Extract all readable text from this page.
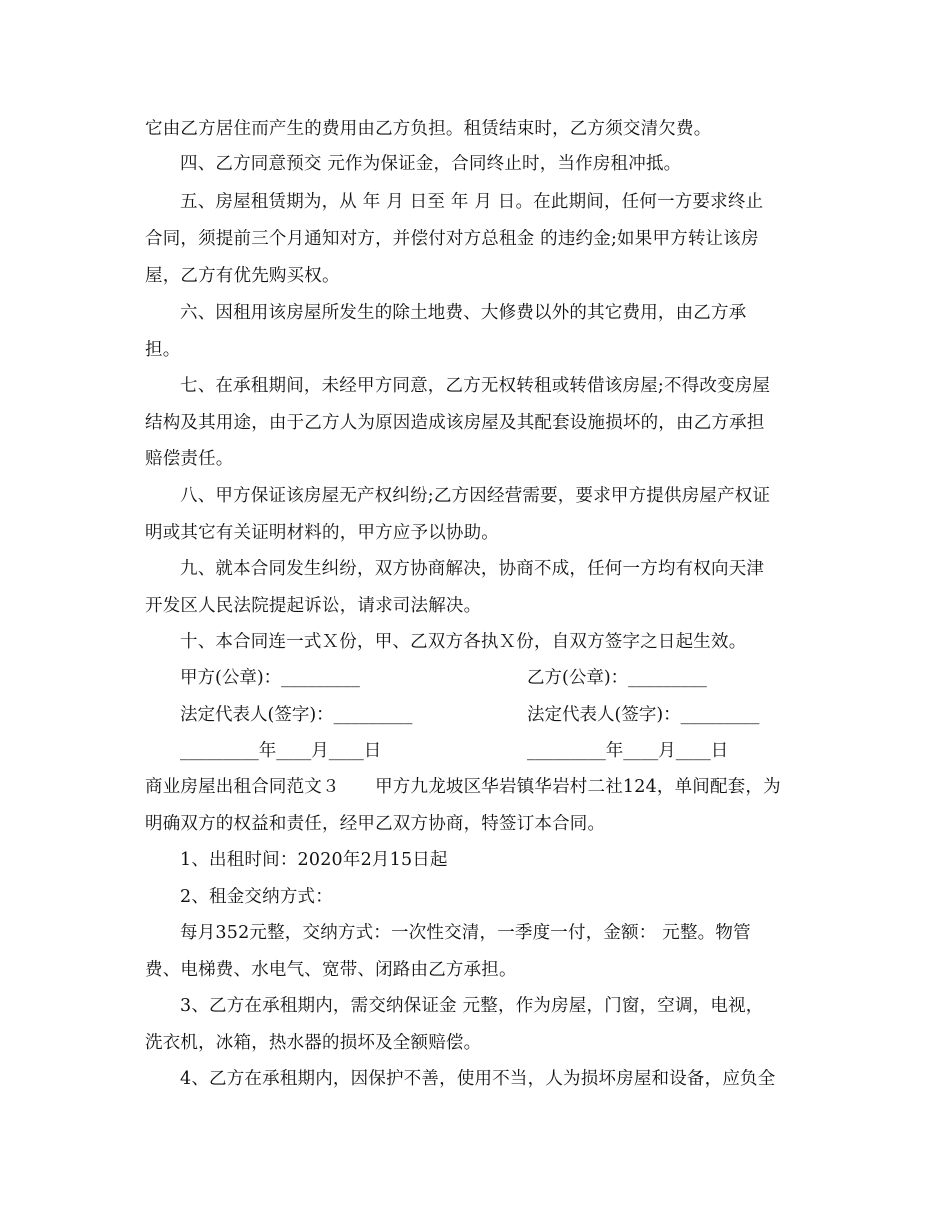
它由乙方居住而产生的费用由乙方负担。租赁结束时，乙方须交清欠费。
四、乙方同意预交 元作为保证金，合同终止时，当作房租冲抵。
五、房屋租赁期为，从 年 月 日至 年 月 日。在此期间，任何一方要求终止
合同，须提前三个月通知对方，并偿付对方总租金 的违约金;如果甲方转让该房
屋，乙方有优先购买权。
六、因租用该房屋所发生的除土地费、大修费以外的其它费用，由乙方承
担。
七、在承租期间，未经甲方同意，乙方无权转租或转借该房屋;不得改变房屋
结构及其用途，由于乙方人为原因造成该房屋及其配套设施损坏的，由乙方承担
赔偿责任。
八、甲方保证该房屋无产权纠纷;乙方因经营需要，要求甲方提供房屋产权证
明或其它有关证明材料的，甲方应予以协助。
九、就本合同发生纠纷，双方协商解决，协商不成，任何一方均有权向天津
开发区人民法院提起诉讼，请求司法解决。
十、本合同连一式Ｘ份，甲、乙双方各执Ｘ份，自双方签字之日起生效。
甲方(公章)：_________	乙方(公章)：_________
法定代表人(签字)：_________	法定代表人(签字)：_________
_________年____月____日	_________年____月____日
商业房屋出租合同范文３　　甲方九龙坡区华岩镇华岩村二社124，单间配套，为
明确双方的权益和责任，经甲乙双方协商，特签订本合同。
1、出租时间：2020年2月15日起
2、租金交纳方式：
每月352元整，交纳方式：一次性交清，一季度一付，金额： 元整。物管
费、电梯费、水电气、宽带、闭路由乙方承担。
3、乙方在承租期内，需交纳保证金 元整，作为房屋，门窗，空调，电视，
洗衣机，冰箱，热水器的损坏及全额赔偿。
4、乙方在承租期内，因保护不善，使用不当，人为损坏房屋和设备，应负全
